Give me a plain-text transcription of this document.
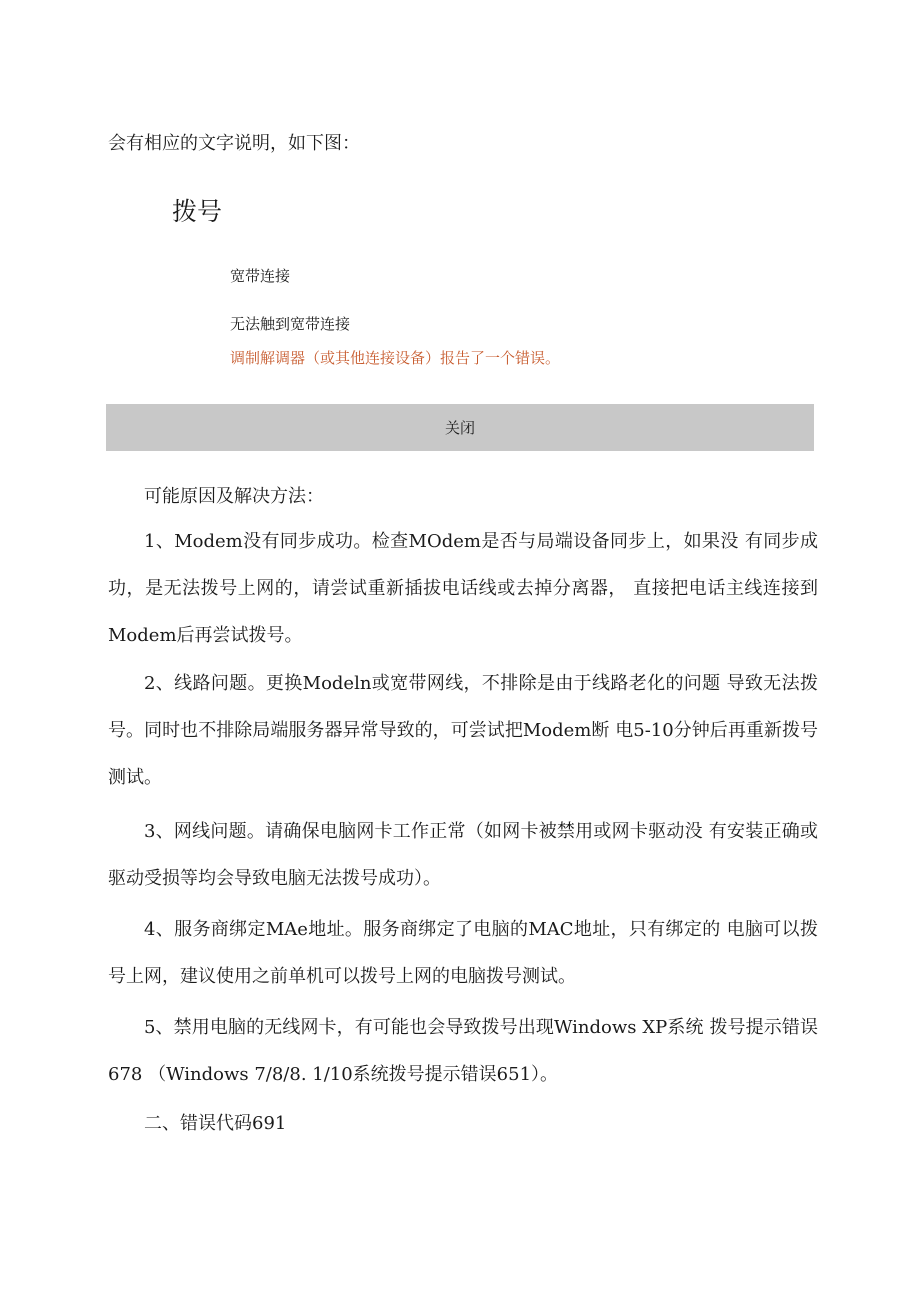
会有相应的文字说明，如下图：
拨号
宽带连接
无法触到宽带连接
调制解调器（或其他连接设备）报告了一个错误。
关闭
可能原因及解决方法：
1、Modem没有同步成功。检查MOdem是否与局端设备同步上，如果没 有同步成功，是无法拨号上网的，请尝试重新插拔电话线或去掉分离器， 直接把电话主线连接到Modem后再尝试拨号。
2、线路问题。更换Modeln或宽带网线，不排除是由于线路老化的问题 导致无法拨号。同时也不排除局端服务器异常导致的，可尝试把Modem断 电5-10分钟后再重新拨号测试。
3、网线问题。请确保电脑网卡工作正常（如网卡被禁用或网卡驱动没 有安装正确或驱动受损等均会导致电脑无法拨号成功）。
4、服务商绑定MAe地址。服务商绑定了电脑的MAC地址，只有绑定的 电脑可以拨号上网，建议使用之前单机可以拨号上网的电脑拨号测试。
5、禁用电脑的无线网卡，有可能也会导致拨号出现Windows XP系统 拨号提示错误678 （Windows 7/8/8. 1/10系统拨号提示错误651）。
二、错误代码691
